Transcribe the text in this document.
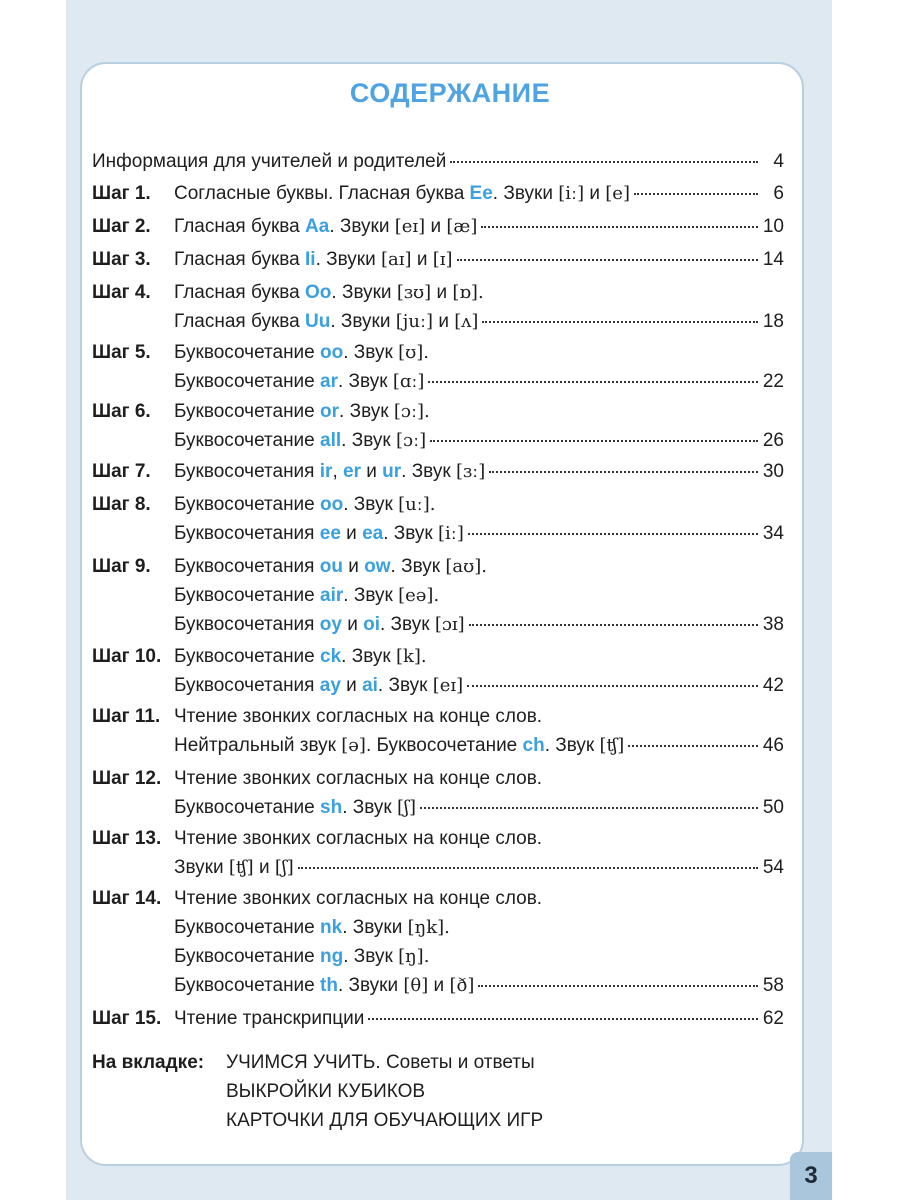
СОДЕРЖАНИЕ
Информация для учителей и родителей	4
Шаг 1.	Согласные буквы. Гласная буква Ee. Звуки [iː] и [e]	6
Шаг 2.	Гласная буква Aa. Звуки [eɪ] и [æ]	10
Шаг 3.	Гласная буква Ii. Звуки [aɪ] и [ɪ]	14
Шаг 4.	Гласная буква Oo. Звуки [ɜʊ] и [ɒ].
Гласная буква Uu. Звуки [juː] и [ʌ]	18
Шаг 5.	Буквосочетание oo. Звук [ʊ].
Буквосочетание ar. Звук [ɑː]	22
Шаг 6.	Буквосочетание or. Звук [ɔː].
Буквосочетание all. Звук [ɔː]	26
Шаг 7.	Буквосочетания ir, er и ur. Звук [ɜː]	30
Шаг 8.	Буквосочетание oo. Звук [uː].
Буквосочетания ee и ea. Звук [iː]	34
Шаг 9.	Буквосочетания ou и ow. Звук [aʊ].
Буквосочетание air. Звук [eə].
Буквосочетания oy и oi. Звук [ɔɪ]	38
Шаг 10. Буквосочетание ck. Звук [k].
Буквосочетания ay и ai. Звук [eɪ]	42
Шаг 11. Чтение звонких согласных на конце слов.
Нейтральный звук [ə]. Буквосочетание ch. Звук [ʧ]	46
Шаг 12. Чтение звонких согласных на конце слов.
Буквосочетание sh. Звук [ʃ]	50
Шаг 13. Чтение звонких согласных на конце слов.
Звуки [ʧ] и [ʃ]	54
Шаг 14. Чтение звонких согласных на конце слов.
Буквосочетание nk. Звуки [ŋk].
Буквосочетание ng. Звук [ŋ].
Буквосочетание th. Звуки [θ] и [ð]	58
Шаг 15. Чтение транскрипции	62
На вкладке: УЧИМСЯ УЧИТЬ. Советы и ответы
ВЫКРОЙКИ КУБИКОВ
КАРТОЧКИ ДЛЯ ОБУЧАЮЩИХ ИГР
3
